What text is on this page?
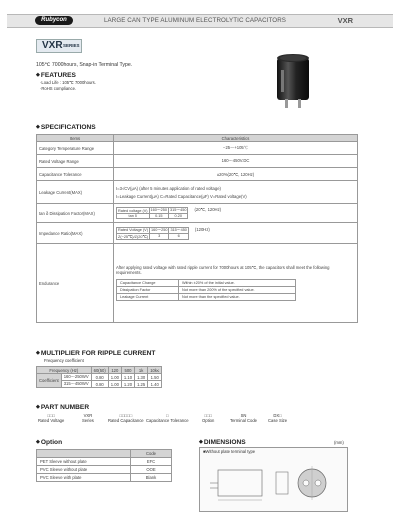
Rubycon	LARGE CAN TYPE ALUMINUM ELECTROLYTIC CAPACITORS	VXR
VXR SERIES
105℃ 7000hours, Snap-in Terminal Type.
◆ FEATURES
·Load Life : 105℃ 7000hours.
·RoHS compliance.
◆ SPECIFICATIONS
Items	Characteristics
Category Temperature Range	−25～+105℃
Rated Voltage Range	160～450V.DC
Capacitance Tolerance	±20%(20℃, 120Hz)
Leakage Current(MAX)	
I=3√CV(μA) (after 5 minutes application of rated voltage)
I=Leakage Current(μA) C=Rated Capacitance(μF) V=Rated voltage(V)

tan δ Dissipation Factor(MAX)		Rated voltage (V)	160～250	315～450
tan δ	0.15	0.20
(20℃, 120Hz)

Impedance Ratio(MAX)	
Rated Voltage (V)	160～250	315～450
Z(−25℃)/Z(20℃)	3	6
(120Hz)

Endurance	
After applying rated voltage with rated ripple current for 7000hours at 105℃, the capacitors shall meet the following requirements.
Capacitance Change	Within ±20% of the initial value.
Dissipation Factor	Not more than 200% of the specified value.
Leakage Current	Not more than the specified value.
◆ MULTIPLIER FOR RIPPLE CURRENT
Frequency coefficient
Frequency (Hz)		60(50)	120	500	1k	10k≤
Coefficient	160～250WV	0.80	1.00	1.10	1.30	1.50
	315～450WV	0.80	1.00	1.20	1.25	1.40
◆ PART NUMBER
□□□
Rated Voltage
VXR
Series
□□□□□
Rated Capacitance
□
Capacitance Tolerance
□□□
Option
SN
Terminal Code
DX□
Case Size
◆ Option
	Code
PET Sleeve without plate	EFC
PVC Sleeve without plate	OOE
PVC Sleeve with plate	Blank
◆ DIMENSIONS	(mm)
■Without plate terminal type
